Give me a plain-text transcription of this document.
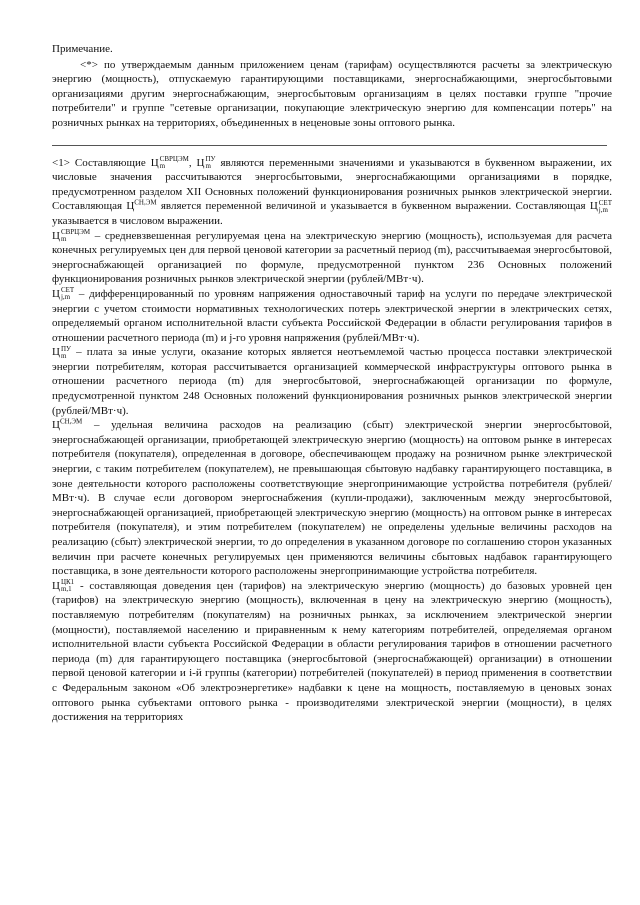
Примечание.

<*> по утверждаемым данным приложением ценам (тарифам) осуществляются расчеты за электрическую энергию (мощность), отпускаемую гарантирующими поставщиками, энергоснабжающими, энергосбытовыми организациями другим энергоснабжающим, энергосбытовым организациям в целях поставки группе "прочие потребители" и группе "сетевые организации, покупающие электрическую энергию для компенсации потерь" на розничных рынках на территориях, объединенных в неценовые зоны оптового рынка.

<1> Составляющие Ц СВРЦЭМ
m	, Ц ПУ
m являются переменными значениями и указываются в буквенном выражении, их числовые значения рассчитываются энергосбытовыми, энергоснабжающими организациями в порядке, предусмотренном разделом XII Основных положений функционирования розничных рынков электрической энергии. Составляющая $Ц^{СН,ЭМ}$ является переменной величиной и указывается в буквенном выражении. Составляющая Ц СЕТ
j,m
указывается в числовом выражении.

Ц СВРЦЭМ
m	– средневзвешенная регулируемая цена на электрическую энергию (мощность), используемая для расчета конечных регулируемых цен для первой ценовой категории за расчетный период (m), рассчитываемая энергосбытовой, энергоснабжающей организацией по формуле, предусмотренной пунктом 236 Основных положений функционирования розничных рынков электрической энергии (рублей/МВт·ч).

Ц СЕТ
j,m – дифференцированный по уровням напряжения одноставочный тариф на услуги по передаче электрической энергии с учетом стоимости нормативных технологических потерь электрической энергии в электрических сетях, определяемый органом исполнительной власти субъекта Российской Федерации в области регулирования тарифов в отношении расчетного периода (m) и j-го уровня напряжения (рублей/МВт·ч).

Ц ПУ
m – плата за иные услуги, оказание которых является неотъемлемой частью процесса поставки электрической энергии потребителям, которая рассчитывается организацией коммерческой инфраструктуры оптового рынка в отношении расчетного периода (m) для энергосбытовой, энергоснабжающей организации по формуле, предусмотренной пунктом 248 Основных положений функционирования розничных рынков электрической энергии (рублей/МВт·ч).

$Ц^{СН,ЭМ}$ – удельная величина расходов на реализацию (сбыт) электрической энергии энергосбытовой, энергоснабжающей организации, приобретающей электрическую энергию (мощность) на оптовом рынке в интересах потребителя (покупателя), определенная в договоре, обеспечивающем продажу на розничном рынке электрической энергии, с таким потребителем (покупателем), не превышающая сбытовую надбавку гарантирующего поставщика, в зоне деятельности которого расположены соответствующие энергопринимающие устройства потребителя (рублей/МВт·ч). В случае если договором энергоснабжения (купли-продажи), заключенным между энергосбытовой, энергоснабжающей организацией, приобретающей электрическую энергию (мощность) на оптовом рынке в интересах потребителя (покупателя), и этим потребителем (покупателем) не определены удельные величины расходов на реализацию (сбыт) электрической энергии, то до определения в указанном договоре по соглашению сторон указанных величин при расчете конечных регулируемых цен применяются величины сбытовых надбавок гарантирующего поставщика, в зоне деятельности которого расположены энергопринимающие устройства потребителя.

Ц ЦК1
m,1 - составляющая доведения цен (тарифов) на электрическую энергию (мощность) до базовых уровней цен (тарифов) на электрическую энергию (мощность), включенная в цену на электрическую энергию (мощность), поставляемую потребителям (покупателям) на розничных рынках, за исключением электрической энергии (мощности), поставляемой населению и приравненным к нему категориям потребителей, определяемая органом исполнительной власти субъекта Российской Федерации в области регулирования тарифов в отношении расчетного периода (m) для гарантирующего поставщика (энергосбытовой (энергоснабжающей) организации) в отношении первой ценовой категории и i-й группы (категории) потребителей (покупателей) в период применения в соответствии с Федеральным законом «Об электроэнергетике» надбавки к цене на мощность, поставляемую в ценовых зонах оптового рынка субъектами оптового рынка - производителями электрической энергии (мощности), в целях достижения на территориях
